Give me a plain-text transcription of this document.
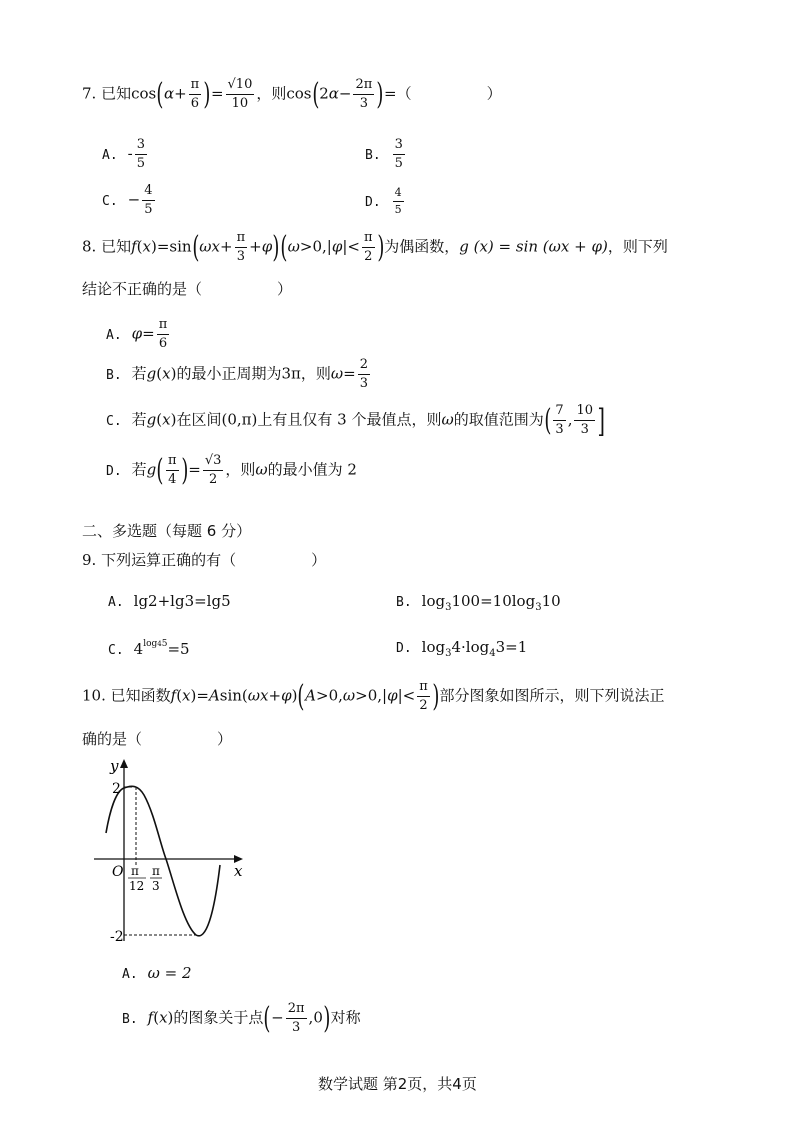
7. 已知$\cos(\alpha+ \frac{\pi}{6}$ )= $\frac{√10}{10}$ ，则$\cos(2\alpha- \frac{2\pi}{3}$ )=（　　　　　）
A. - $\frac{3}{5}$	B. $\frac{3}{5}$
C. − $\frac{4}{5}$	D. $\frac{4}{5}$
8. 已知$f(x)=\sin(\omega x+ \frac{\pi}{3} +\varphi)(\omega>0,|\varphi|< \frac{\pi}{2}$ )为偶函数，g (x) = sin (ωx + φ)，则下列
结论不正确的是（　　　　　）
A. $\varphi= \frac{\pi}{6}$
B. 若g(x)的最小正周期为3π，则$\omega= \frac{2}{3}$
C. 若g(x)在区间(0,π)上有且仅有 3 个最值点，则ω的取值范围为( $\frac{7}{3}$ , $\frac{10}{3}$ ]
D. 若$g( \frac{\pi}{4}$ )= $\frac{√3}{2}$ ，则ω的最小值为 2
二、多选题（每题 6 分）
9. 下列运算正确的有（　　　　　）
A. lg2+lg3=lg5	B. $\log_3100=10\log_310$
C. $4^{log45}=5$	D. $\log_34\cdot\log_43=1$
10. 已知函数$f(x)=Asin(\omega x+\varphi)(A>0,\omega>0,|\varphi|< \frac{\pi}{2}$ )部分图象如图所示，则下列说法正
确的是（　　　　　）
y
x
O
2
-2
π
12
π
3
A. ω = 2
B. f(x)的图象关于点(− $\frac{2\pi}{3} ,0$)对称
数学试题 第2页，共4页
